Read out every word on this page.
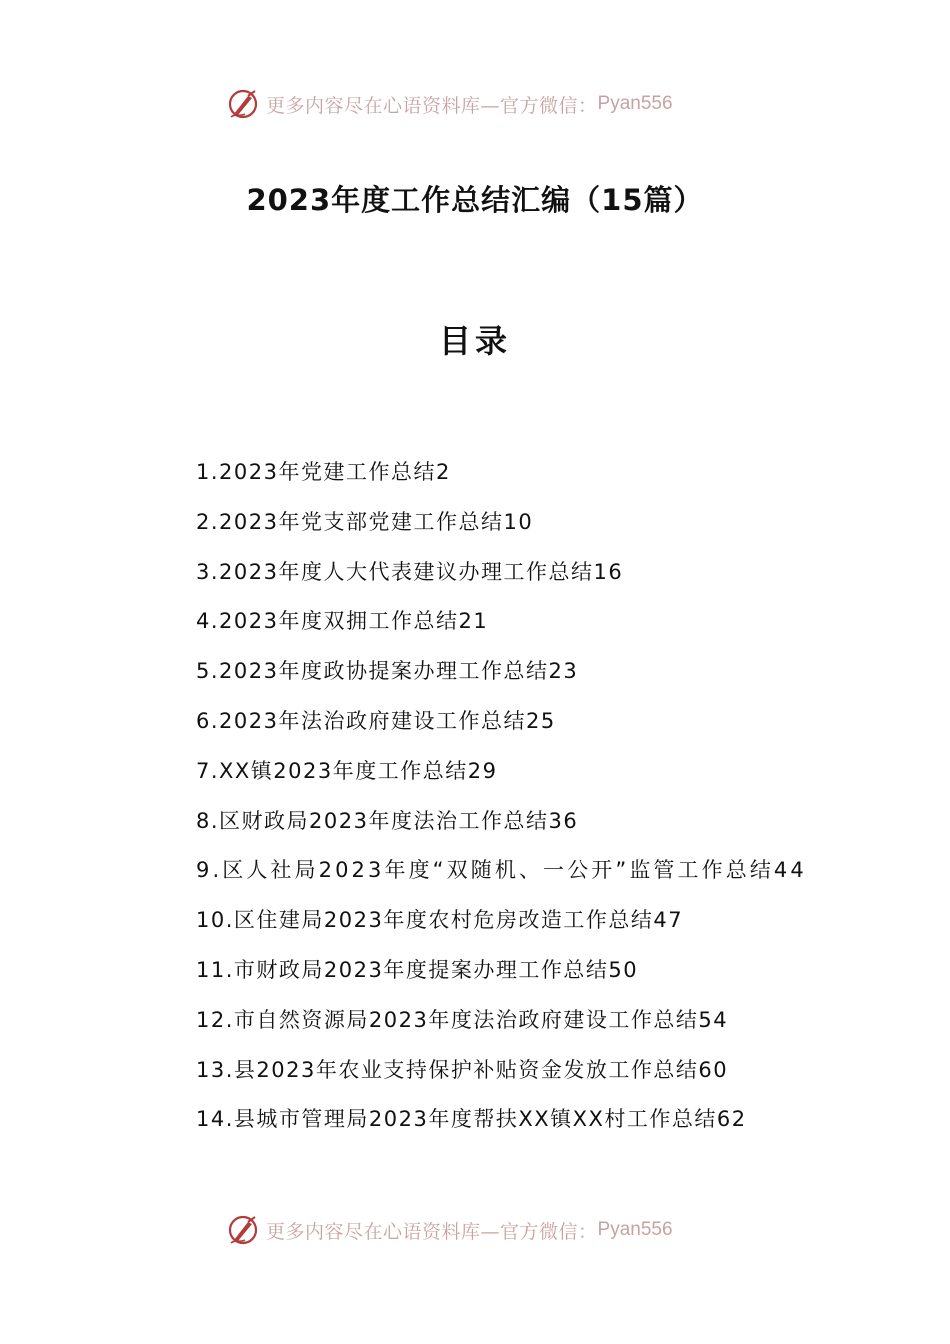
更多内容尽在心语资料库—官方微信： Pyan556
2023年度工作总结汇编（15篇）
目录
1.2023年党建工作总结2
2.2023年党支部党建工作总结10
3.2023年度人大代表建议办理工作总结16
4.2023年度双拥工作总结21
5.2023年度政协提案办理工作总结23
6.2023年法治政府建设工作总结25
7.XX镇2023年度工作总结29
8.区财政局2023年度法治工作总结36
9.区人社局2023年度“双随机、一公开”监管工作总结44
10.区住建局2023年度农村危房改造工作总结47
11.市财政局2023年度提案办理工作总结50
12.市自然资源局2023年度法治政府建设工作总结54
13.县2023年农业支持保护补贴资金发放工作总结60
14.县城市管理局2023年度帮扶XX镇XX村工作总结62
更多内容尽在心语资料库—官方微信： Pyan556
